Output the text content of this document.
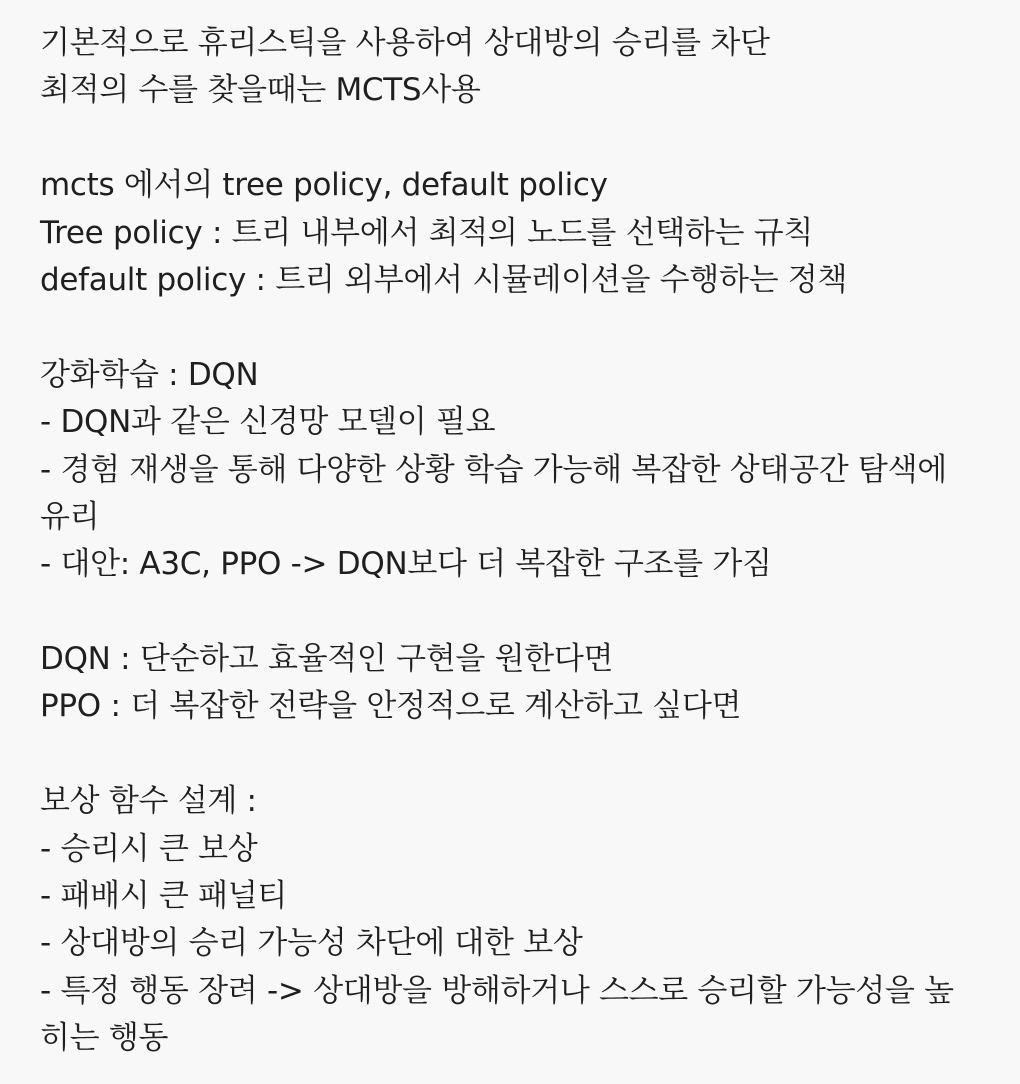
기본적으로 휴리스틱을 사용하여 상대방의 승리를 차단
최적의 수를 찾을때는 MCTS사용
mcts 에서의 tree policy, default policy
Tree policy : 트리 내부에서 최적의 노드를 선택하는 규칙
default policy : 트리 외부에서 시뮬레이션을 수행하는 정책
강화학습 : DQN
- DQN과 같은 신경망 모델이 필요
- 경험 재생을 통해 다양한 상황 학습 가능해 복잡한 상태공간 탐색에
유리
- 대안: A3C, PPO -> DQN보다 더 복잡한 구조를 가짐
DQN : 단순하고 효율적인 구현을 원한다면
PPO : 더 복잡한 전략을 안정적으로 계산하고 싶다면
보상 함수 설계 :
- 승리시 큰 보상
- 패배시 큰 패널티
- 상대방의 승리 가능성 차단에 대한 보상
- 특정 행동 장려 -> 상대방을 방해하거나 스스로 승리할 가능성을 높
히는 행동
